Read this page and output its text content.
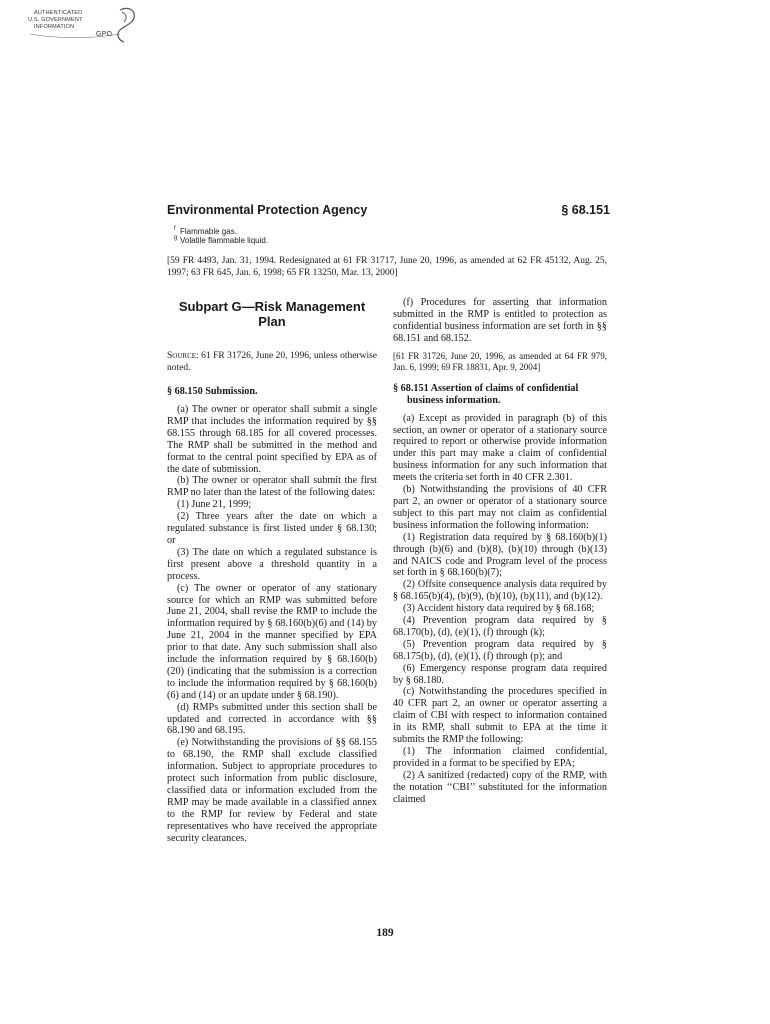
AUTHENTICATED
U.S. GOVERNMENT
INFORMATION
GPO
Environmental Protection Agency	§ 68.151
f Flammable gas.
g Volatile flammable liquid.
[59 FR 4493, Jan. 31, 1994. Redesignated at 61 FR 31717, June 20, 1996, as amended at 62 FR 45132, Aug. 25, 1997; 63 FR 645, Jan. 6, 1998; 65 FR 13250, Mar. 13, 2000]
Subpart G—Risk Management Plan

Source: 61 FR 31726, June 20, 1996, unless otherwise noted.

§ 68.150 Submission.

(a) The owner or operator shall submit a single RMP that includes the information required by §§ 68.155 through 68.185 for all covered processes. The RMP shall be submitted in the method and format to the central point specified by EPA as of the date of submission.

(b) The owner or operator shall submit the first RMP no later than the latest of the following dates:

(1) June 21, 1999;

(2) Three years after the date on which a regulated substance is first listed under § 68.130; or

(3) The date on which a regulated substance is first present above a threshold quantity in a process.

(c) The owner or operator of any stationary source for which an RMP was submitted before June 21, 2004, shall revise the RMP to include the information required by § 68.160(b)(6) and (14) by June 21, 2004 in the manner specified by EPA prior to that date. Any such submission shall also include the information required by § 68.160(b)(20) (indicating that the submission is a correction to include the information required by § 68.160(b)(6) and (14) or an update under § 68.190).

(d) RMPs submitted under this section shall be updated and corrected in accordance with §§ 68.190 and 68.195.

(e) Notwithstanding the provisions of §§ 68.155 to 68.190, the RMP shall exclude classified information. Subject to appropriate procedures to protect such information from public disclosure, classified data or information excluded from the RMP may be made available in a classified annex to the RMP for review by Federal and state representatives who have received the appropriate security clearances.

(f) Procedures for asserting that information submitted in the RMP is entitled to protection as confidential business information are set forth in §§ 68.151 and 68.152.

[61 FR 31726, June 20, 1996, as amended at 64 FR 979, Jan. 6, 1999; 69 FR 18831, Apr. 9, 2004]

§ 68.151 Assertion of claims of confidential business information.

(a) Except as provided in paragraph (b) of this section, an owner or operator of a stationary source required to report or otherwise provide information under this part may make a claim of confidential business information for any such information that meets the criteria set forth in 40 CFR 2.301.

(b) Notwithstanding the provisions of 40 CFR part 2, an owner or operator of a stationary source subject to this part may not claim as confidential business information the following information:

(1) Registration data required by § 68.160(b)(1) through (b)(6) and (b)(8), (b)(10) through (b)(13) and NAICS code and Program level of the process set forth in § 68.160(b)(7);

(2) Offsite consequence analysis data required by § 68.165(b)(4), (b)(9), (b)(10), (b)(11), and (b)(12).

(3) Accident history data required by § 68.168;

(4) Prevention program data required by § 68.170(b), (d), (e)(1), (f) through (k);

(5) Prevention program data required by § 68.175(b), (d), (e)(1), (f) through (p); and

(6) Emergency response program data required by § 68.180.

(c) Notwithstanding the procedures specified in 40 CFR part 2, an owner or operator asserting a claim of CBI with respect to information contained in its RMP, shall submit to EPA at the time it submits the RMP the following:

(1) The information claimed confidential, provided in a format to be specified by EPA;

(2) A sanitized (redacted) copy of the RMP, with the notation ‘‘CBI’’ substituted for the information claimed

189
